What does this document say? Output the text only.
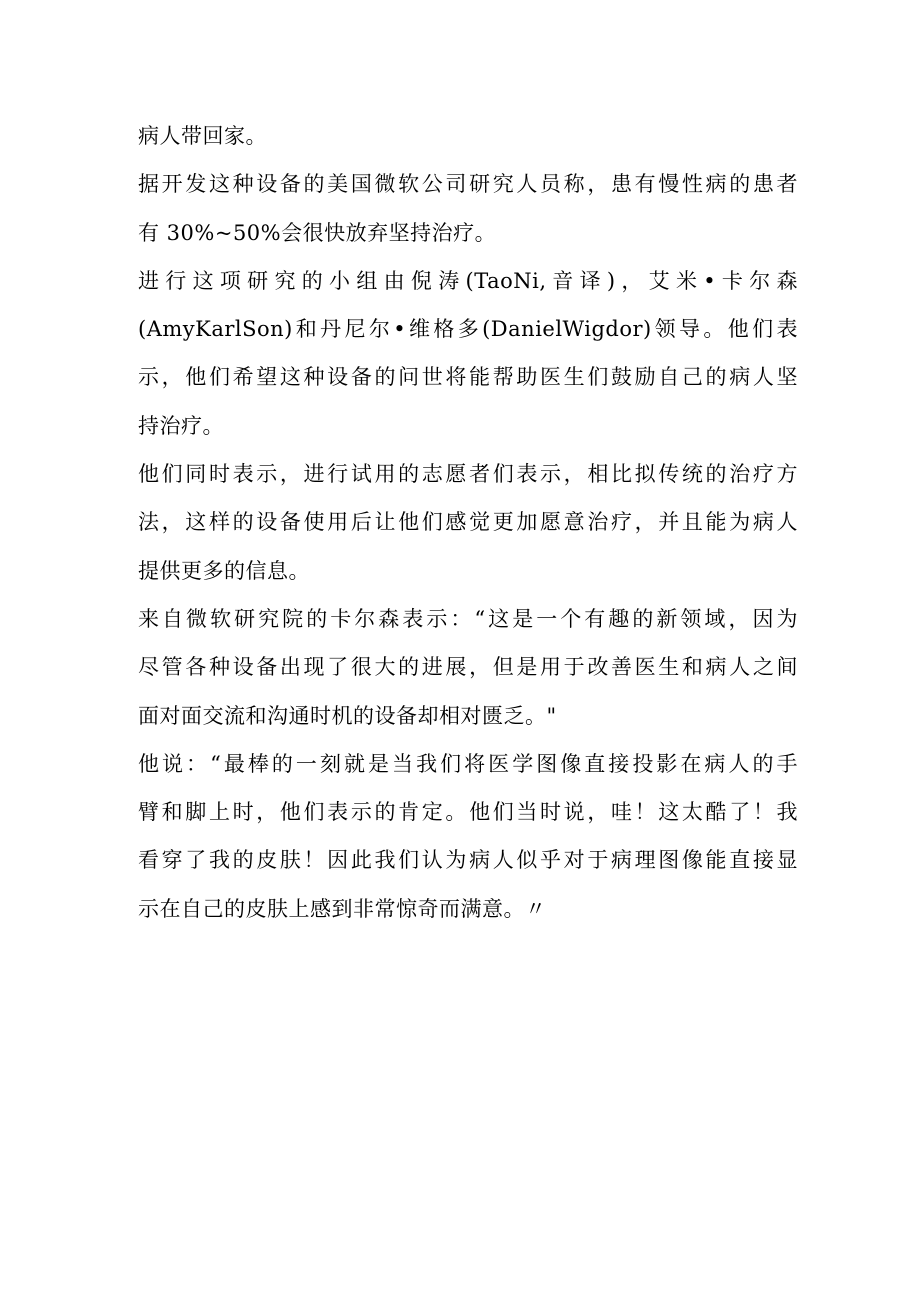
病人带回家。
据开发这种设备的美国微软公司研究人员称，患有慢性病的患者
有 30%~50%会很快放弃坚持治疗。
进行这项研究的小组由倪涛(TaoNi,音译)，艾米•卡尔森
(AmyKarlSon)和丹尼尔•维格多(DanielWigdor)领导。他们表
示，他们希望这种设备的问世将能帮助医生们鼓励自己的病人坚
持治疗。
他们同时表示，进行试用的志愿者们表示，相比拟传统的治疗方
法，这样的设备使用后让他们感觉更加愿意治疗，并且能为病人
提供更多的信息。
来自微软研究院的卡尔森表示：“这是一个有趣的新领域，因为
尽管各种设备出现了很大的进展，但是用于改善医生和病人之间
面对面交流和沟通时机的设备却相对匮乏。"
他说：“最棒的一刻就是当我们将医学图像直接投影在病人的手
臂和脚上时，他们表示的肯定。他们当时说，哇！这太酷了！我
看穿了我的皮肤！因此我们认为病人似乎对于病理图像能直接显
示在自己的皮肤上感到非常惊奇而满意。〃
